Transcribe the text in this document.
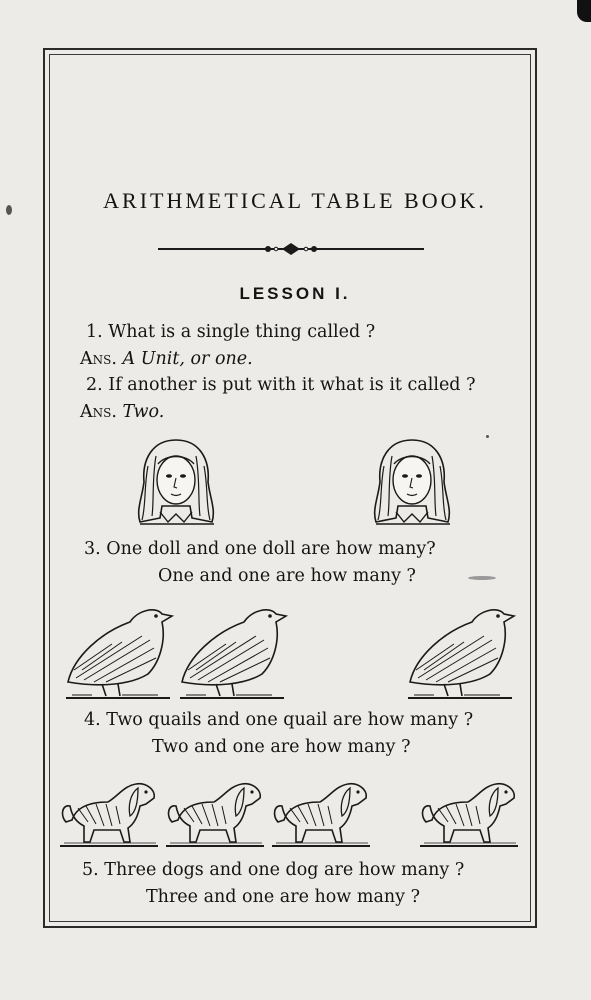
ARITHMETICAL TABLE BOOK.
LESSON I.
1. What is a single thing called ?
Ans. A Unit, or one.
2. If another is put with it what is it called ?
Ans. Two.
3. One doll and one doll are how many?
One and one are how many ?
4. Two quails and one quail are how many ?
Two and one are how many ?
5. Three dogs and one dog are how many ?
Three and one are how many ?
